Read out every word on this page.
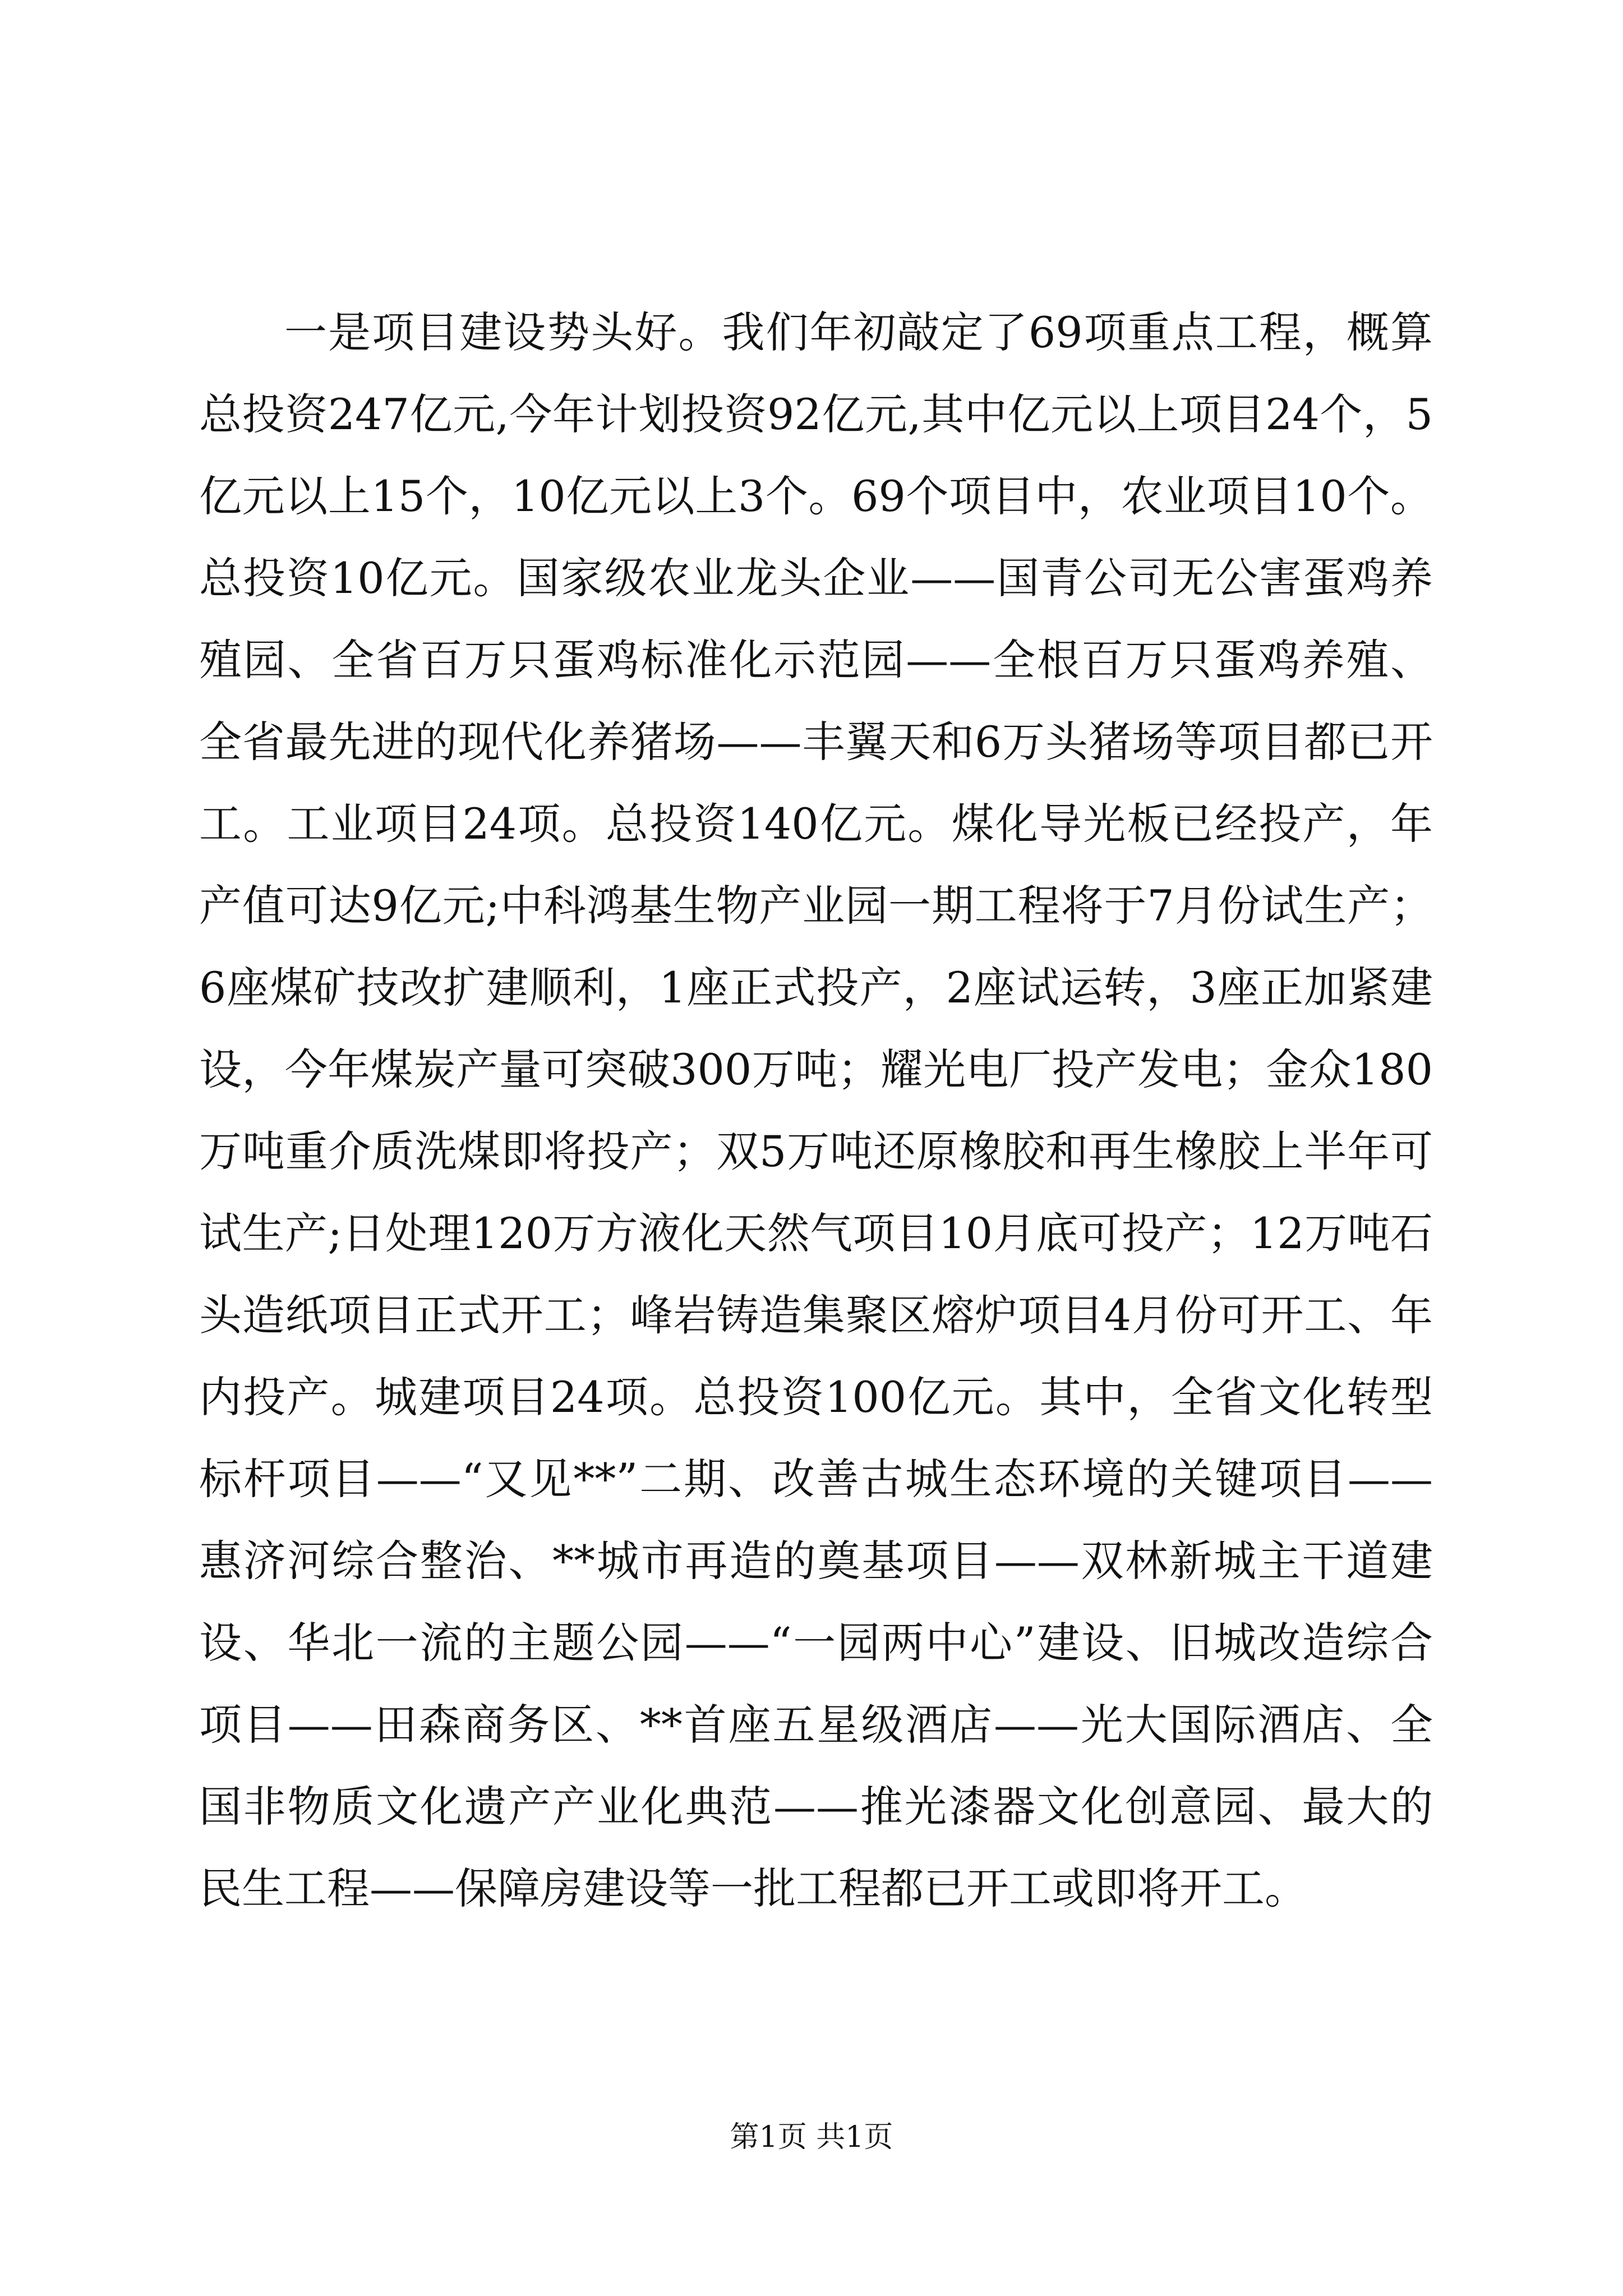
一是项目建设势头好。我们年初敲定了69项重点工程，概算总投资247亿元,今年计划投资92亿元,其中亿元以上项目24个，5亿元以上15个，10亿元以上3个。69个项目中，农业项目10个。总投资10亿元。国家级农业龙头企业——国青公司无公害蛋鸡养殖园、全省百万只蛋鸡标准化示范园——全根百万只蛋鸡养殖、全省最先进的现代化养猪场——丰翼天和6万头猪场等项目都已开工。工业项目24项。总投资140亿元。煤化导光板已经投产，年产值可达9亿元;中科鸿基生物产业园一期工程将于7月份试生产；6座煤矿技改扩建顺利，1座正式投产，2座试运转，3座正加紧建设，今年煤炭产量可突破300万吨；耀光电厂投产发电；金众180万吨重介质洗煤即将投产；双5万吨还原橡胶和再生橡胶上半年可试生产;日处理120万方液化天然气项目10月底可投产；12万吨石头造纸项目正式开工；峰岩铸造集聚区熔炉项目4月份可开工、年内投产。城建项目24项。总投资100亿元。其中，全省文化转型标杆项目——“又见**”二期、改善古城生态环境的关键项目——惠济河综合整治、**城市再造的奠基项目——双林新城主干道建设、华北一流的主题公园——“一园两中心”建设、旧城改造综合项目——田森商务区、**首座五星级酒店——光大国际酒店、全国非物质文化遗产产业化典范——推光漆器文化创意园、最大的民生工程——保障房建设等一批工程都已开工或即将开工。

第1页 共1页
